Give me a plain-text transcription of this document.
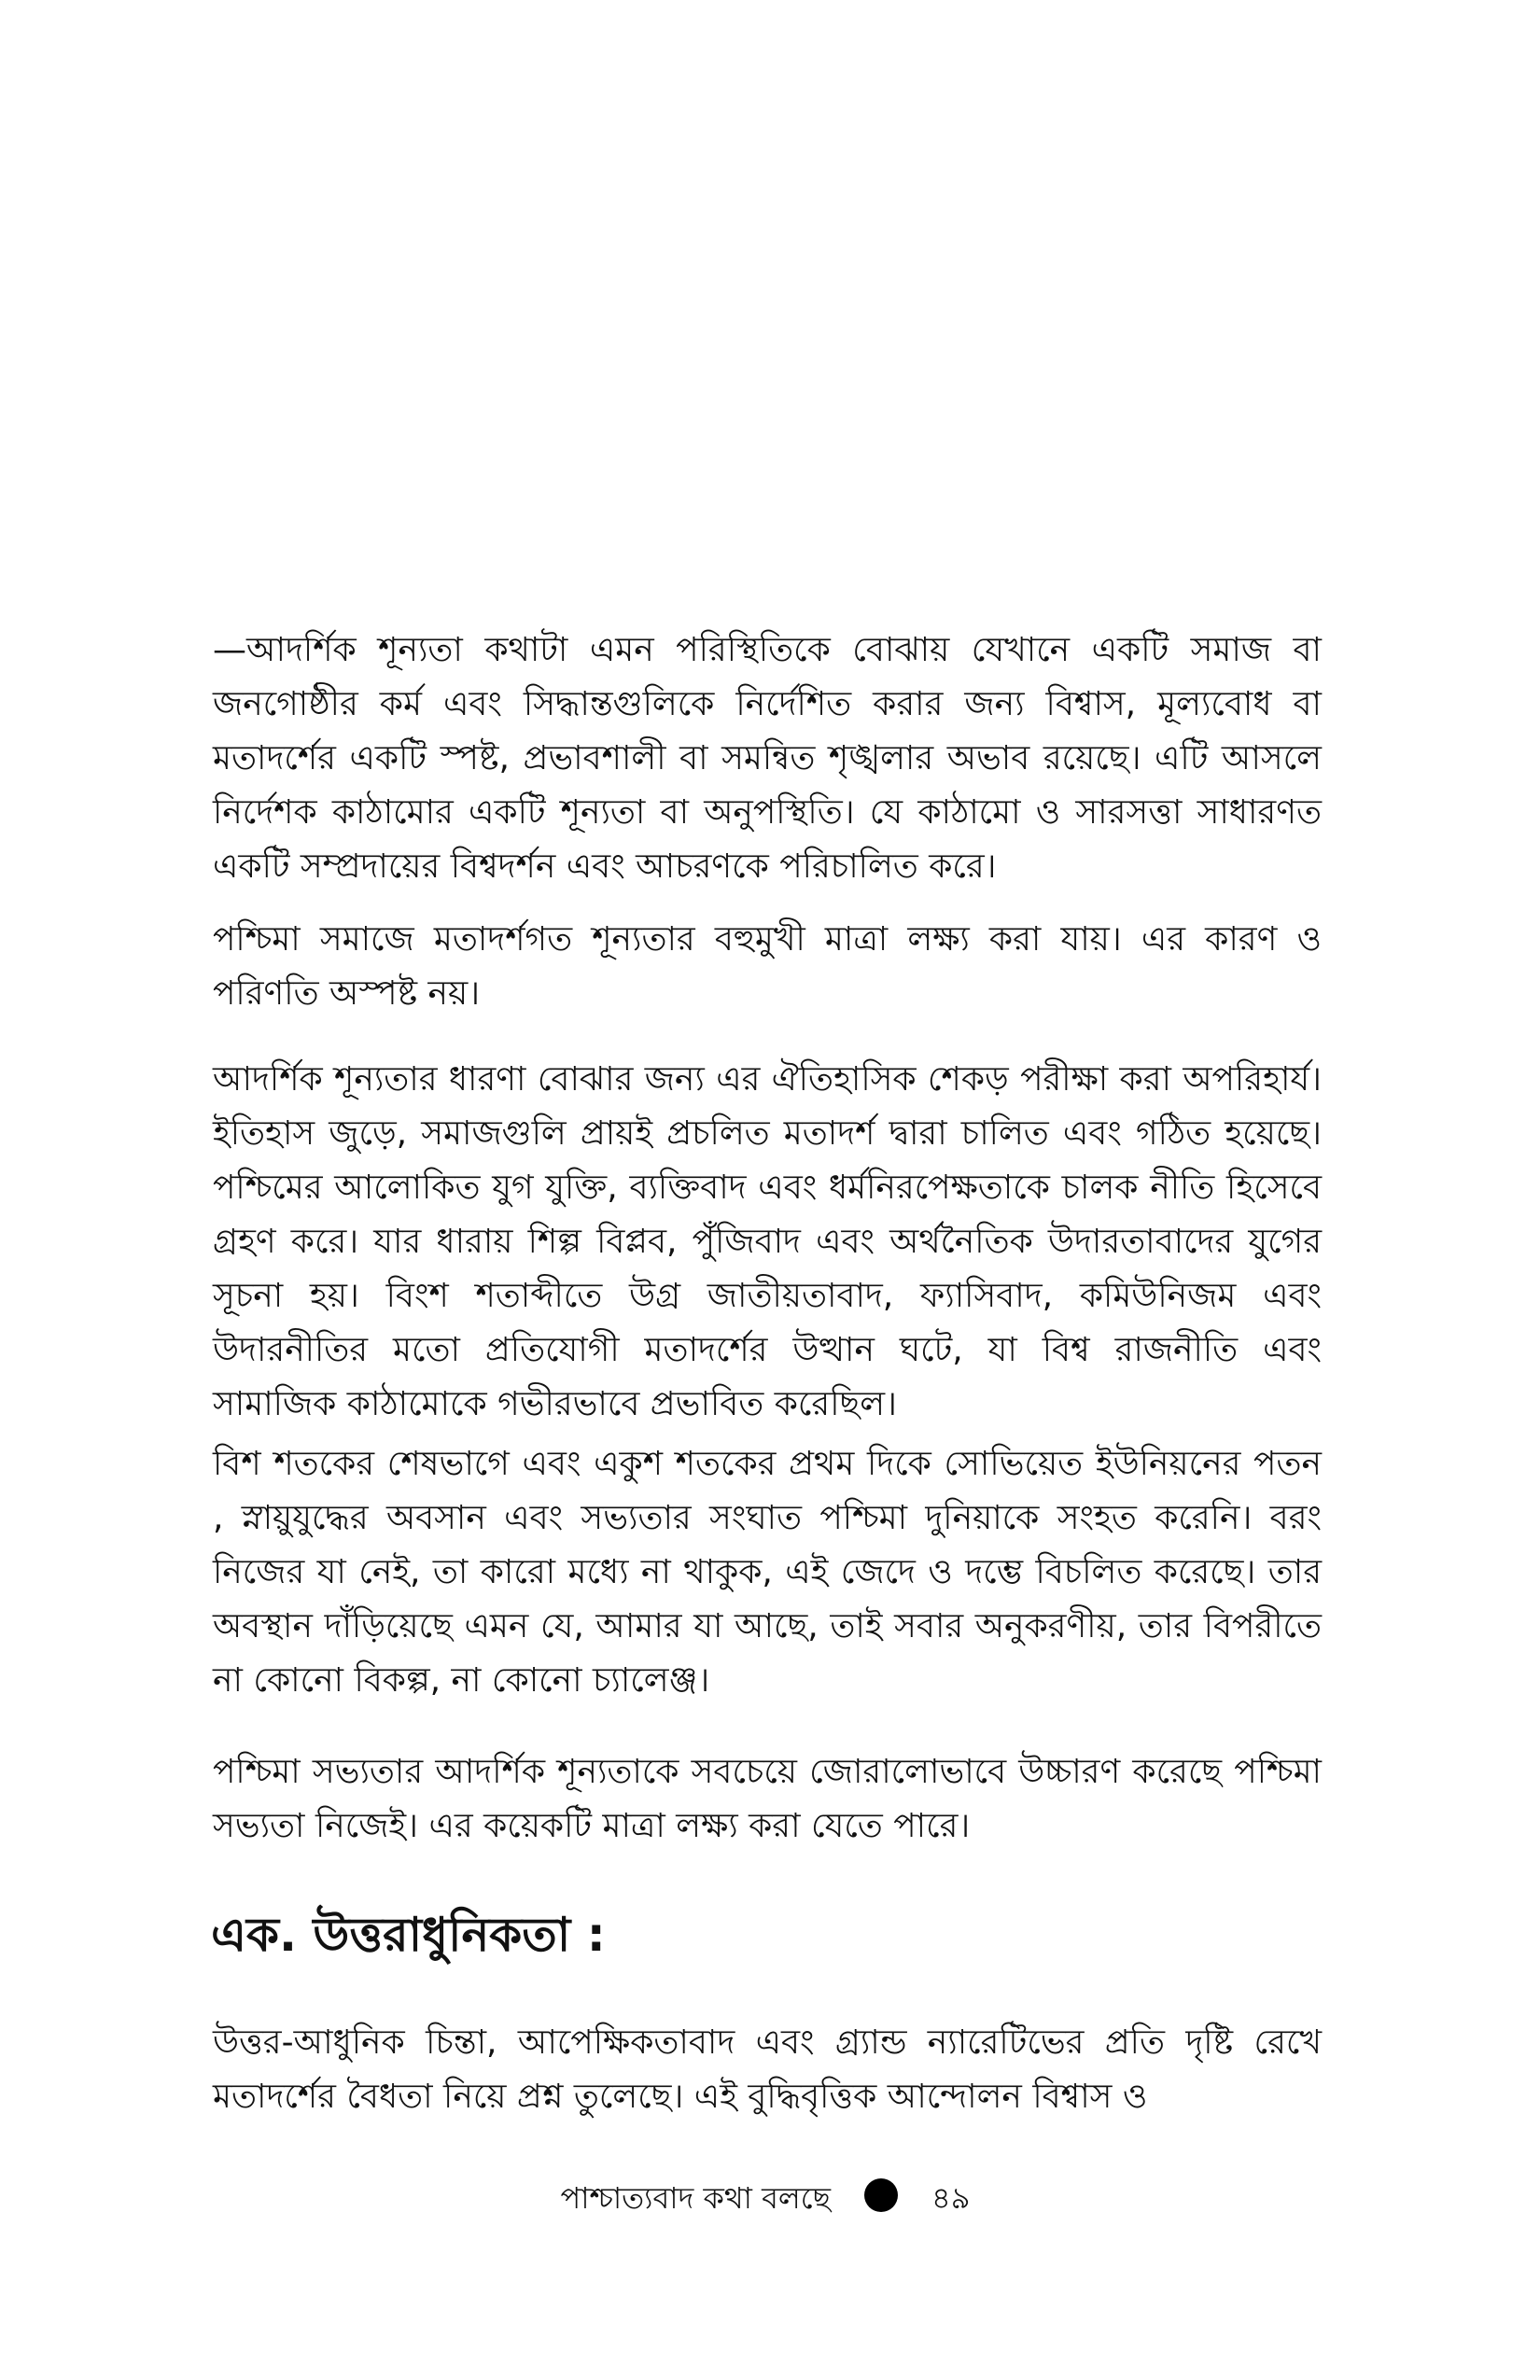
—আদর্শিক শূন্যতা কথাটা এমন পরিস্থিতিকে বোঝায় যেখানে একটি সমাজ বা জনগোষ্ঠীর কর্ম এবং সিদ্ধান্তগুলিকে নির্দেশিত করার জন্য বিশ্বাস, মূল্যবোধ বা মতাদর্শের একটি স্পষ্ট, প্রভাবশালী বা সমন্বিত শৃঙ্খলার অভাব রয়েছে। এটি আসলে নির্দেশক কাঠামোর একটি শূন্যতা বা অনুপস্থিতি। যে কাঠামো ও সারসত্তা সাধারণত একটি সম্প্রদায়ের বিশ্বদর্শন এবং আচরণকে পরিচালিত করে।

পশ্চিমা সমাজে মতাদর্শগত শূন্যতার বহুমুখী মাত্রা লক্ষ্য করা যায়। এর কারণ ও পরিণতি অস্পষ্ট নয়।

আদর্শিক শূন্যতার ধারণা বোঝার জন্য এর ঐতিহাসিক শেকড় পরীক্ষা করা অপরিহার্য। ইতিহাস জুড়ে, সমাজগুলি প্রায়ই প্রচলিত মতাদর্শ দ্বারা চালিত এবং গঠিত হয়েছে। পশ্চিমের আলোকিত যুগ যুক্তি, ব্যক্তিবাদ এবং ধর্মনিরপেক্ষতাকে চালক নীতি হিসেবে গ্রহণ করে। যার ধারায় শিল্প বিপ্লব, পুঁজিবাদ এবং অর্থনৈতিক উদারতাবাদের যুগের সূচনা হয়। বিংশ শতাব্দীতে উগ্র জাতীয়তাবাদ, ফ্যাসিবাদ, কমিউনিজম এবং উদারনীতির মতো প্রতিযোগী মতাদর্শের উত্থান ঘটে, যা বিশ্ব রাজনীতি এবং সামাজিক কাঠামোকে গভীরভাবে প্রভাবিত করেছিল।

বিশ শতকের শেষভাগে এবং একুশ শতকের প্রথম দিকে সোভিয়েত ইউনিয়নের পতন , স্নায়ুযুদ্ধের অবসান এবং সভ্যতার সংঘাত পশ্চিমা দুনিয়াকে সংহত করেনি। বরং নিজের যা নেই, তা কারো মধ্যে না থাকুক, এই জেদে ও দম্ভে বিচলিত করেছে। তার অবস্থান দাঁড়িয়েছে এমন যে, আমার যা আছে, তাই সবার অনুকরণীয়, তার বিপরীতে না কোনো বিকল্প, না কোনো চ্যালেঞ্জ।

পশ্চিমা সভ্যতার আদর্শিক শূন্যতাকে সবচেয়ে জোরালোভাবে উচ্চারণ করেছে পশ্চিমা সভ্যতা নিজেই। এর কয়েকটি মাত্রা লক্ষ্য করা যেতে পারে।

এক. উত্তরাধুনিকতা :

উত্তর-আধুনিক চিন্তা, আপেক্ষিকতাবাদ এবং গ্র্যান্ড ন্যারেটিভের প্রতি দৃষ্টি রেখে মতাদর্শের বৈধতা নিয়ে প্রশ্ন তুলেছে। এই বুদ্ধিবৃত্তিক আন্দোলন বিশ্বাস ও

পাশ্চাত্যবাদ কথা বলছে	৪৯
